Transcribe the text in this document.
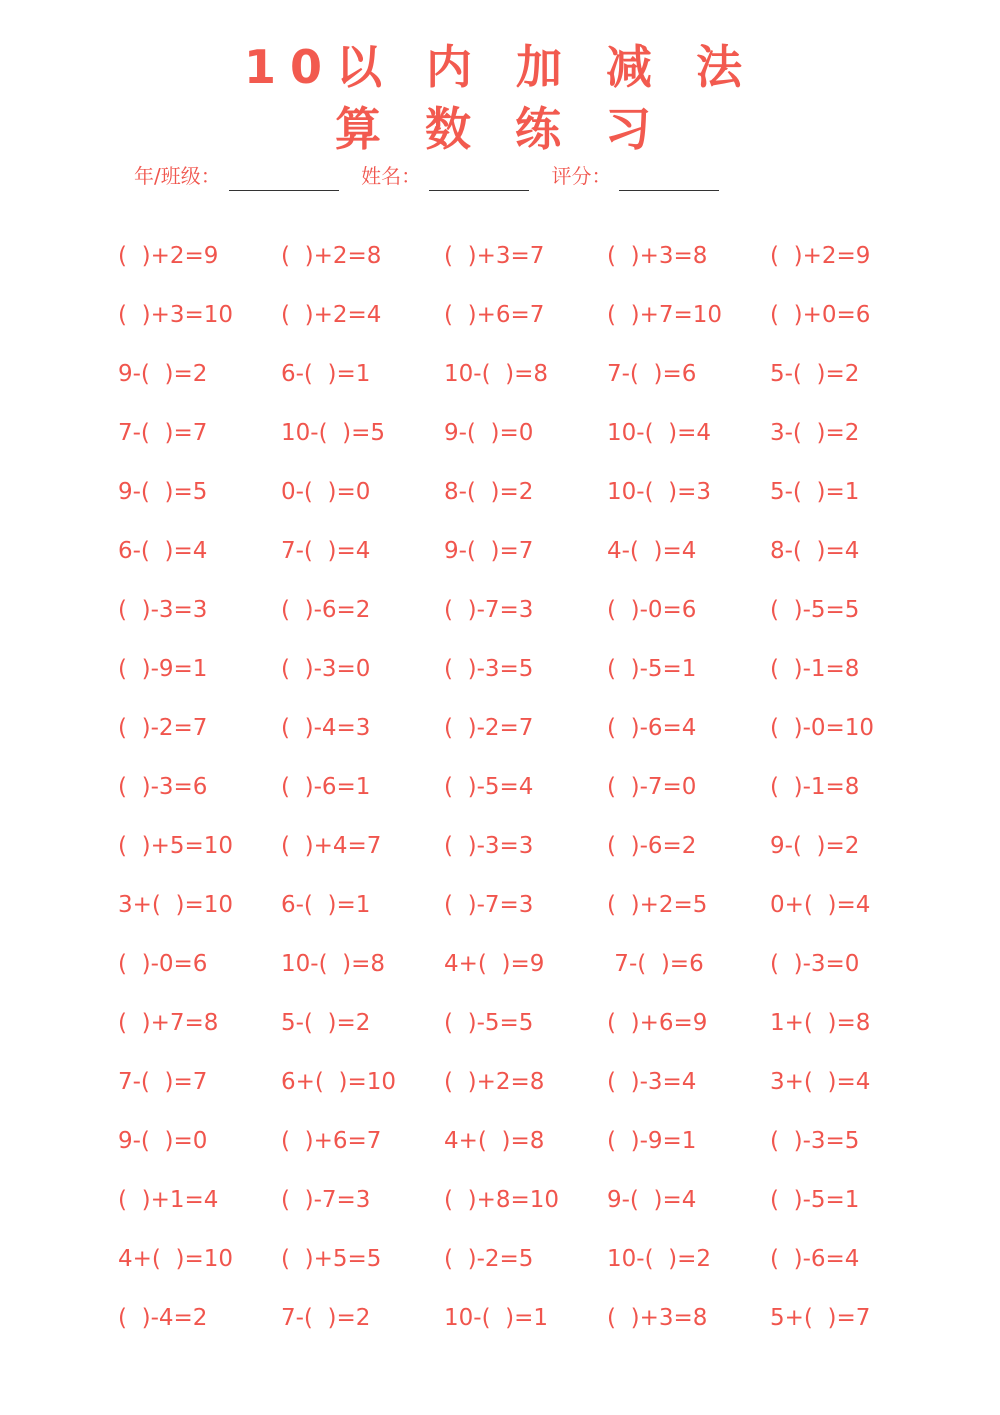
10以 内 加 减 法 算 数 练 习
年/班级：	姓名：	评分：
(  )+2=9	(  )+2=8	(  )+3=7	(  )+3=8	(  )+2=9
(  )+3=10 (  )+2=4	(  )+6=7	(  )+7=10 (  )+0=6
9-(  )=2	6-(  )=1	10-(  )=8	7-(  )=6	5-(  )=2
7-(  )=7	10-(  )=5	9-(  )=0	10-(  )=4	3-(  )=2
9-(  )=5	0-(  )=0	8-(  )=2	10-(  )=3	5-(  )=1
6-(  )=4	7-(  )=4	9-(  )=7	4-(  )=4	8-(  )=4
(  )-3=3	(  )-6=2	(  )-7=3	(  )-0=6	(  )-5=5
(  )-9=1	(  )-3=0	(  )-3=5	(  )-5=1	(  )-1=8
(  )-2=7	(  )-4=3	(  )-2=7	(  )-6=4	(  )-0=10
(  )-3=6	(  )-6=1	(  )-5=4	(  )-7=0	(  )-1=8
(  )+5=10 (  )+4=7	(  )-3=3	(  )-6=2	9-(  )=2
3+(  )=10 6-(  )=1	(  )-7=3	(  )+2=5	0+(  )=4
(  )-0=6	10-(  )=8	4+(  )=9	7-(  )=6	(  )-3=0
(  )+7=8	5-(  )=2	(  )-5=5	(  )+6=9	1+(  )=8
7-(  )=7	6+(  )=10 (  )+2=8	(  )-3=4	3+(  )=4
9-(  )=0	(  )+6=7	4+(  )=8	(  )-9=1	(  )-3=5
(  )+1=4	(  )-7=3	(  )+8=10 9-(  )=4	(  )-5=1
4+(  )=10 (  )+5=5	(  )-2=5	10-(  )=2	(  )-6=4
(  )-4=2	7-(  )=2	10-(  )=1	(  )+3=8	5+(  )=7
